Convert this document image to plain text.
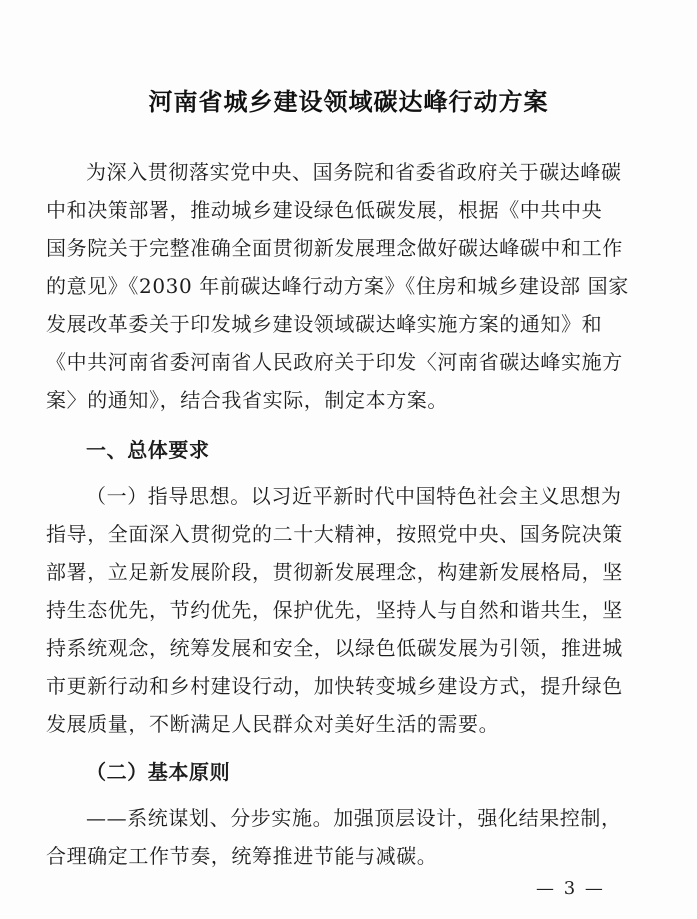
河南省城乡建设领域碳达峰行动方案
为深入贯彻落实党中央、国务院和省委省政府关于碳达峰碳
中和决策部署，推动城乡建设绿色低碳发展，根据《中共中央
国务院关于完整准确全面贯彻新发展理念做好碳达峰碳中和工作
的意见》《2030 年前碳达峰行动方案》《住房和城乡建设部 国家
发展改革委关于印发城乡建设领域碳达峰实施方案的通知》和
《中共河南省委河南省人民政府关于印发〈河南省碳达峰实施方
案〉的通知》，结合我省实际，制定本方案。
一、总体要求
（一）指导思想。以习近平新时代中国特色社会主义思想为
指导，全面深入贯彻党的二十大精神，按照党中央、国务院决策
部署，立足新发展阶段，贯彻新发展理念，构建新发展格局，坚
持生态优先，节约优先，保护优先，坚持人与自然和谐共生，坚
持系统观念，统筹发展和安全，以绿色低碳发展为引领，推进城
市更新行动和乡村建设行动，加快转变城乡建设方式，提升绿色
发展质量，不断满足人民群众对美好生活的需要。
（二）基本原则
——系统谋划、分步实施。加强顶层设计，强化结果控制，
合理确定工作节奏，统筹推进节能与减碳。
— 3 —
